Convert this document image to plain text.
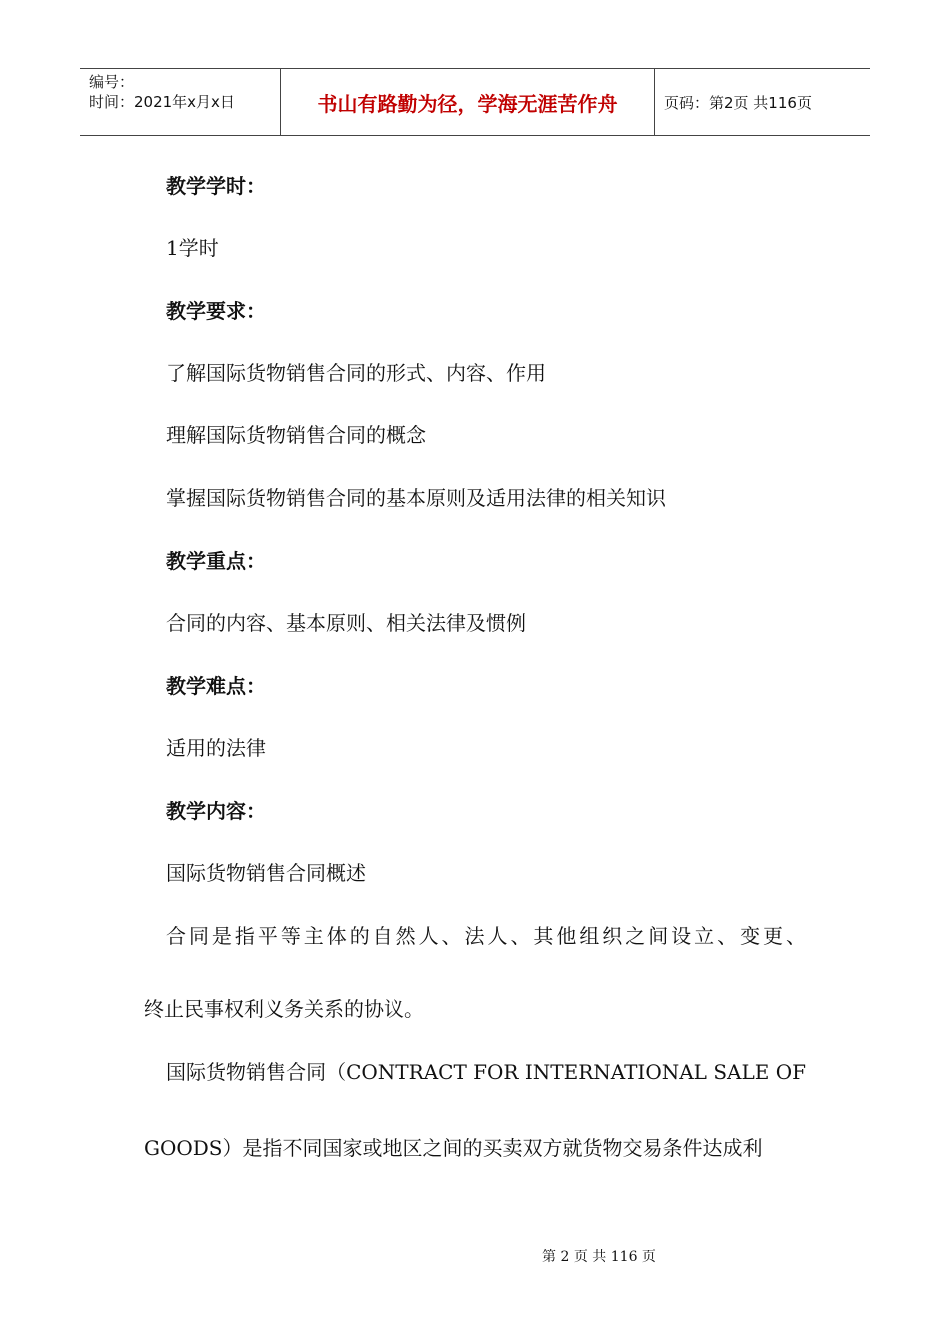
编号：
时间：2021年x月x日	书山有路勤为径，学海无涯苦作舟	页码：第2页 共116页
教学学时：
1学时
教学要求：
了解国际货物销售合同的形式、内容、作用
理解国际货物销售合同的概念
掌握国际货物销售合同的基本原则及适用法律的相关知识
教学重点：
合同的内容、基本原则、相关法律及惯例
教学难点：
适用的法律
教学内容：
国际货物销售合同概述
合同是指平等主体的自然人、法人、其他组织之间设立、变更、
终止民事权利义务关系的协议。
国际货物销售合同（CONTRACT FOR INTERNATIONAL SALE OF
GOODS）是指不同国家或地区之间的买卖双方就货物交易条件达成利
第 2 页 共 116 页
